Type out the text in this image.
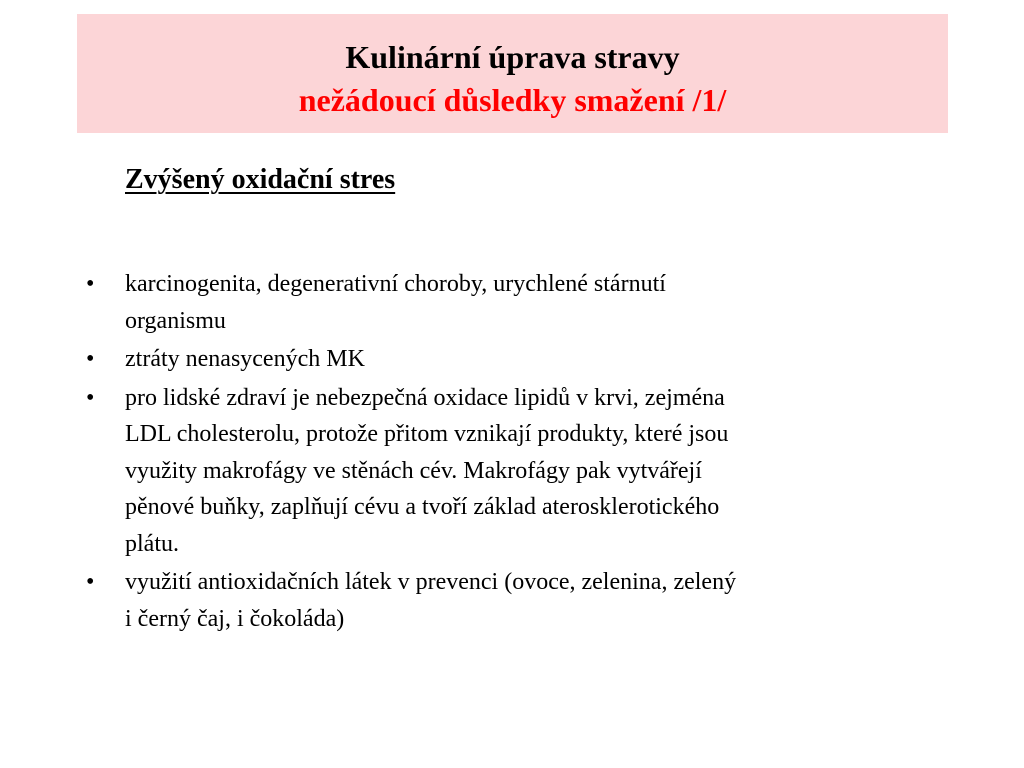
Kulinární úprava stravy
nežádoucí důsledky smažení /1/
Zvýšený oxidační stres
•	karcinogenita, degenerativní choroby, urychlené stárnutí
organismu
•	ztráty nenasycených MK
•	pro lidské zdraví je nebezpečná oxidace lipidů v krvi, zejména
LDL cholesterolu, protože přitom vznikají produkty, které jsou
využity makrofágy ve stěnách cév. Makrofágy pak vytvářejí
pěnové buňky, zaplňují cévu a tvoří základ aterosklerotického
plátu.
•	využití antioxidačních látek v prevenci (ovoce, zelenina, zelený
i černý čaj, i čokoláda)
